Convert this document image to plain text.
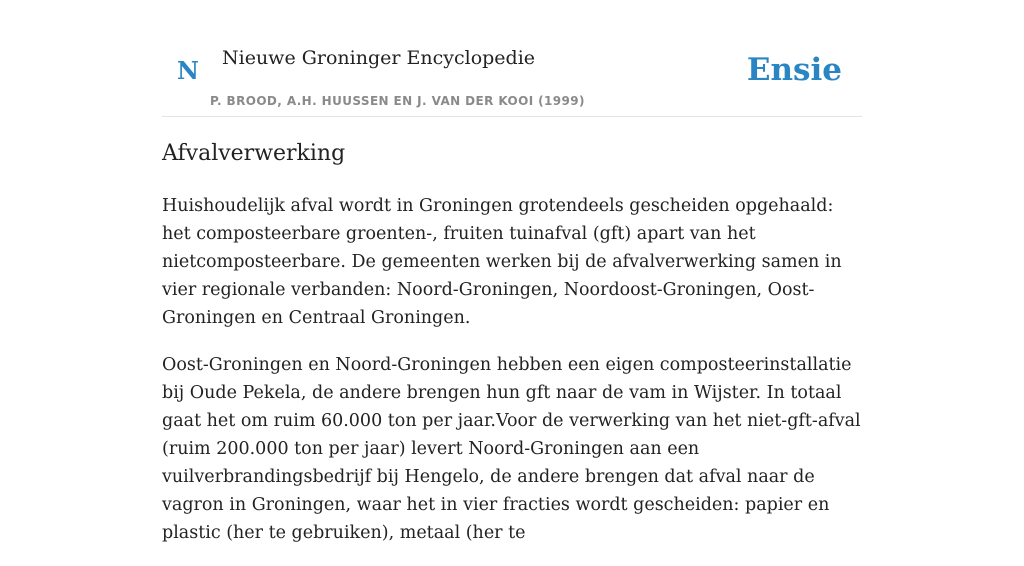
N Nieuwe Groninger Encyclopedie
P. BROOD, A.H. HUUSSEN EN J. VAN DER KOOI (1999)
Ensie
Afvalverwerking

Huishoudelijk afval wordt in Groningen grotendeels gescheiden opgehaald: het composteerbare groenten-, fruiten tuinafval (gft) apart van het nietcomposteerbare. De gemeenten werken bij de afvalverwerking samen in vier regionale verbanden: Noord-Groningen, Noordoost-Groningen, Oost-Groningen en Centraal Groningen.

Oost-Groningen en Noord-Groningen hebben een eigen composteerinstallatie bij Oude Pekela, de andere brengen hun gft naar de vam in Wijster. In totaal gaat het om ruim 60.000 ton per jaar.Voor de verwerking van het niet-gft-afval (ruim 200.000 ton per jaar) levert Noord-Groningen aan een vuilverbrandingsbedrijf bij Hengelo, de andere brengen dat afval naar de vagron in Groningen, waar het in vier fracties wordt gescheiden: papier en plastic (her te gebruiken), metaal (her te
